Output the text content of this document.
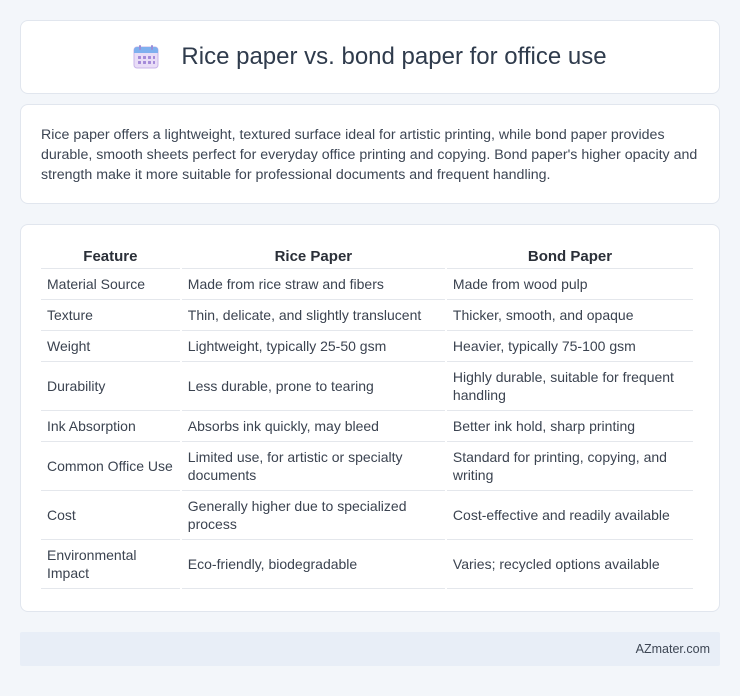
Rice paper vs. bond paper for office use

Rice paper offers a lightweight, textured surface ideal for artistic printing, while bond paper provides durable, smooth sheets perfect for everyday office printing and copying. Bond paper's higher opacity and strength make it more suitable for professional documents and frequent handling.

Feature	Rice Paper	Bond Paper
Material Source	Made from rice straw and fibers	Made from wood pulp
Texture	Thin, delicate, and slightly translucent	Thicker, smooth, and opaque
Weight	Lightweight, typically 25-50 gsm	Heavier, typically 75-100 gsm
Durability	Less durable, prone to tearing	Highly durable, suitable for frequent handling
Ink Absorption	Absorbs ink quickly, may bleed	Better ink hold, sharp printing
Common Office Use	Limited use, for artistic or specialty documents	Standard for printing, copying, and writing
Cost	Generally higher due to specialized process	Cost-effective and readily available
Environmental Impact	Eco-friendly, biodegradable	Varies; recycled options available
AZmater.com
